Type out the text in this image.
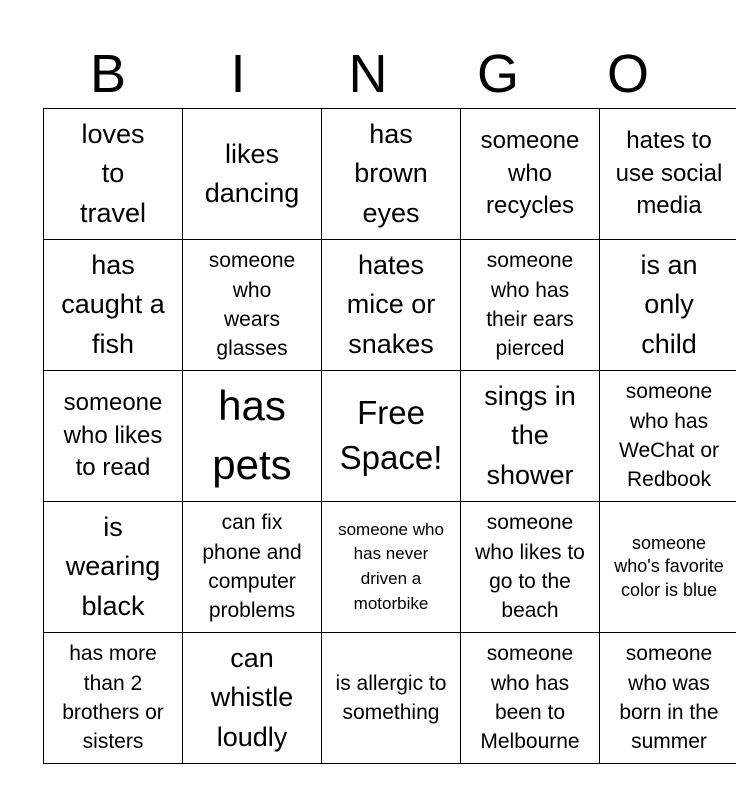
B	I	N	G	O
loves to travel	likes dancing	has brown eyes	someone who recycles	hates to use social media

has caught a fish	someone who wears glasses	hates mice or snakes	someone who has their ears pierced	is an only child

someone who likes to read	has pets	Free Space!	sings in the shower	someone who has WeChat or Redbook

is wearing black	can fix phone and computer problems	someone who has never driven a motorbike	someone who likes to go to the beach	someone who's favorite color is blue

has more than 2 brothers or sisters	can whistle loudly	is allergic to something	someone who has been to Melbourne	someone who was born in the summer
